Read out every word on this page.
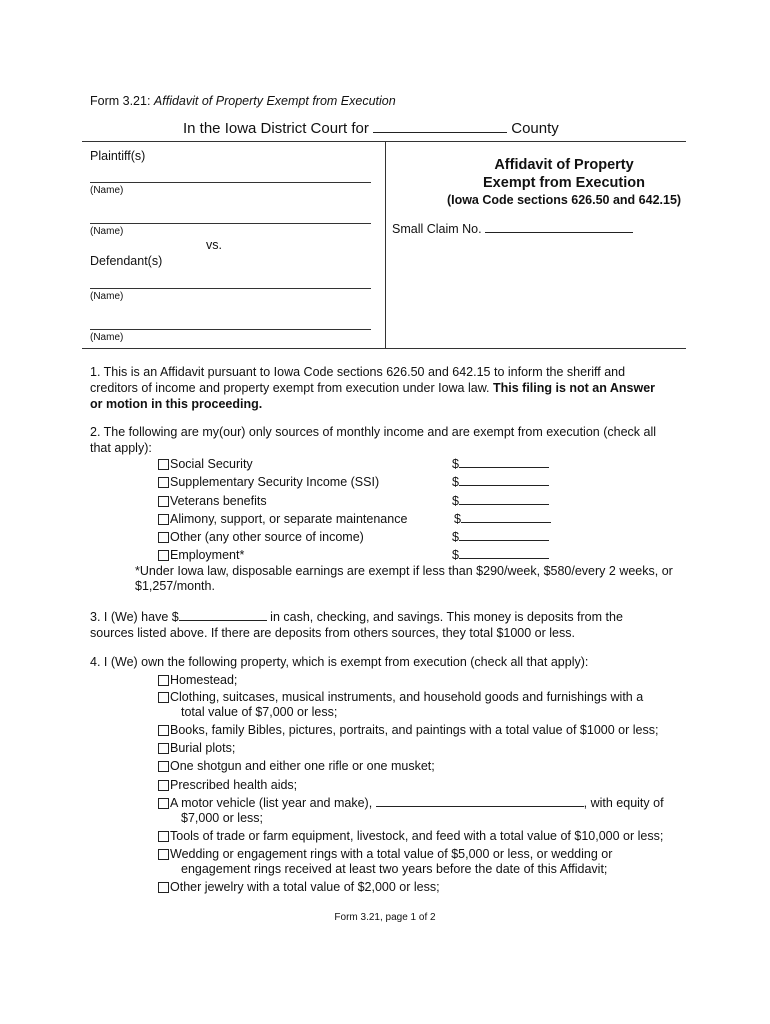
Form 3.21: Affidavit of Property Exempt from Execution
In the Iowa District Court for	County
Plaintiff(s)
(Name)
(Name)
vs.
Defendant(s)
(Name)
(Name)
Affidavit of Property
Exempt from Execution
(Iowa Code sections 626.50 and 642.15)
Small Claim No.
1. This is an Affidavit pursuant to Iowa Code sections 626.50 and 642.15 to inform the sheriff and
creditors of income and property exempt from execution under Iowa law. This filing is not an Answer
or motion in this proceeding.
2. The following are my(our) only sources of monthly income and are exempt from execution (check all
that apply):
Social Security	$
Supplementary Security Income (SSI)	$
Veterans benefits	$
Alimony, support, or separate maintenance	$
Other (any other source of income)	$
Employment*	$
*Under Iowa law, disposable earnings are exempt if less than $290/week, $580/every 2 weeks, or
$1,257/month.
3. I (We) have $	in cash, checking, and savings. This money is deposits from the
sources listed above. If there are deposits from others sources, they total $1000 or less.
4. I (We) own the following property, which is exempt from execution (check all that apply):
Homestead;
Clothing, suitcases, musical instruments, and household goods and furnishings with a
total value of $7,000 or less;
Books, family Bibles, pictures, portraits, and paintings with a total value of $1000 or less;
Burial plots;
One shotgun and either one rifle or one musket;
Prescribed health aids;
A motor vehicle (list year and make),	, with equity of
$7,000 or less;
Tools of trade or farm equipment, livestock, and feed with a total value of $10,000 or less;
Wedding or engagement rings with a total value of $5,000 or less, or wedding or
engagement rings received at least two years before the date of this Affidavit;
Other jewelry with a total value of $2,000 or less;
Form 3.21, page 1 of 2
